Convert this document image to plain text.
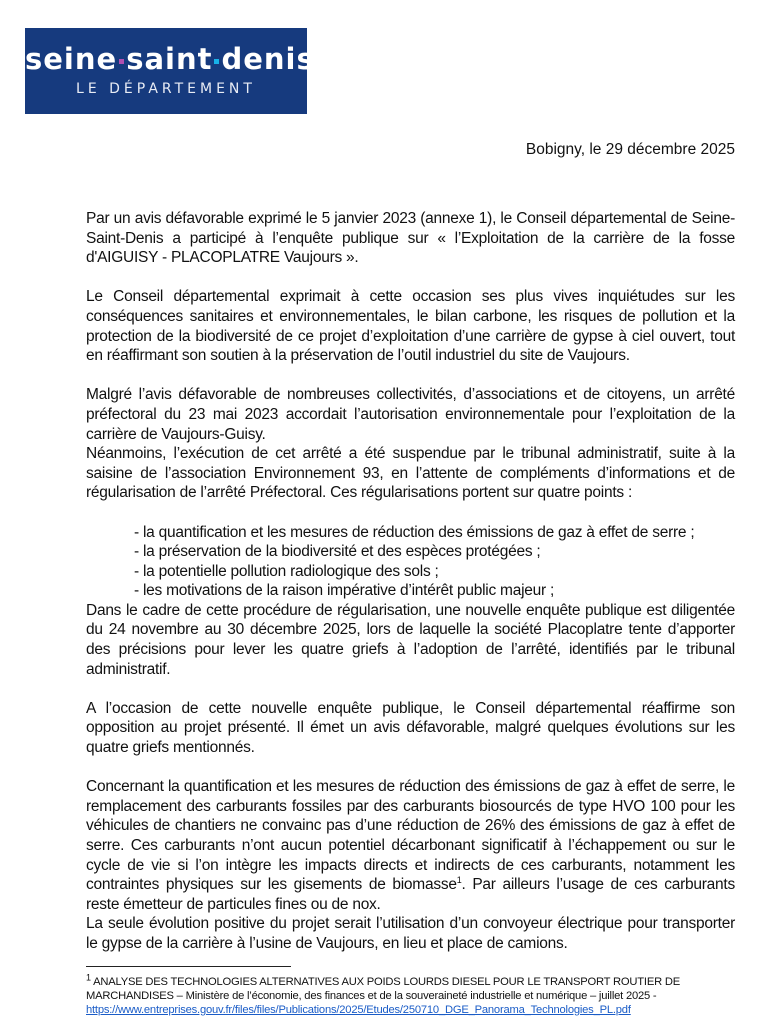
seine saint denis
LE DÉPARTEMENT
Bobigny, le 29 décembre 2025

Par un avis défavorable exprimé le 5 janvier 2023 (annexe 1), le Conseil départemental de Seine-Saint-Denis a participé à l’enquête publique sur « l’Exploitation de la carrière de la fosse d'AIGUISY - PLACOPLATRE Vaujours ».

Le Conseil départemental exprimait à cette occasion ses plus vives inquiétudes sur les conséquences sanitaires et environnementales, le bilan carbone, les risques de pollution et la protection de la biodiversité de ce projet d’exploitation d’une carrière de gypse à ciel ouvert, tout en réaffirmant son soutien à la préservation de l’outil industriel du site de Vaujours.

Malgré l’avis défavorable de nombreuses collectivités, d’associations et de citoyens, un arrêté préfectoral du 23 mai 2023 accordait l’autorisation environnementale pour l’exploitation de la carrière de Vaujours-Guisy.

Néanmoins, l’exécution de cet arrêté a été suspendue par le tribunal administratif, suite à la saisine de l’association Environnement 93, en l’attente de compléments d’informations et de régularisation de l’arrêté Préfectoral. Ces régularisations portent sur quatre points :

- la quantification et les mesures de réduction des émissions de gaz à effet de serre ;
- la préservation de la biodiversité et des espèces protégées ;
- la potentielle pollution radiologique des sols ;
- les motivations de la raison impérative d’intérêt public majeur ;

Dans le cadre de cette procédure de régularisation, une nouvelle enquête publique est diligentée du 24 novembre au 30 décembre 2025, lors de laquelle la société Placoplatre tente d’apporter des précisions pour lever les quatre griefs à l’adoption de l’arrêté, identifiés par le tribunal administratif.

A l’occasion de cette nouvelle enquête publique, le Conseil départemental réaffirme son opposition au projet présenté. Il émet un avis défavorable, malgré quelques évolutions sur les quatre griefs mentionnés.

Concernant la quantification et les mesures de réduction des émissions de gaz à effet de serre, le remplacement des carburants fossiles par des carburants biosourcés de type HVO 100 pour les véhicules de chantiers ne convainc pas d’une réduction de 26% des émissions de gaz à effet de serre. Ces carburants n’ont aucun potentiel décarbonant significatif à l’échappement ou sur le cycle de vie si l’on intègre les impacts directs et indirects de ces carburants, notamment les contraintes physiques sur les gisements de biomasse$^1$. Par ailleurs l’usage de ces carburants reste émetteur de particules fines ou de nox.

La seule évolution positive du projet serait l’utilisation d’un convoyeur électrique pour transporter le gypse de la carrière à l’usine de Vaujours, en lieu et place de camions.

$^1$ ANALYSE DES TECHNOLOGIES ALTERNATIVES AUX POIDS LOURDS DIESEL POUR LE TRANSPORT ROUTIER DE MARCHANDISES – Ministère de l’économie, des finances et de la souveraineté industrielle et numérique – juillet 2025 - https://www.entreprises.gouv.fr/files/files/Publications/2025/Etudes/250710_DGE_Panorama_Technologies_PL.pdf
